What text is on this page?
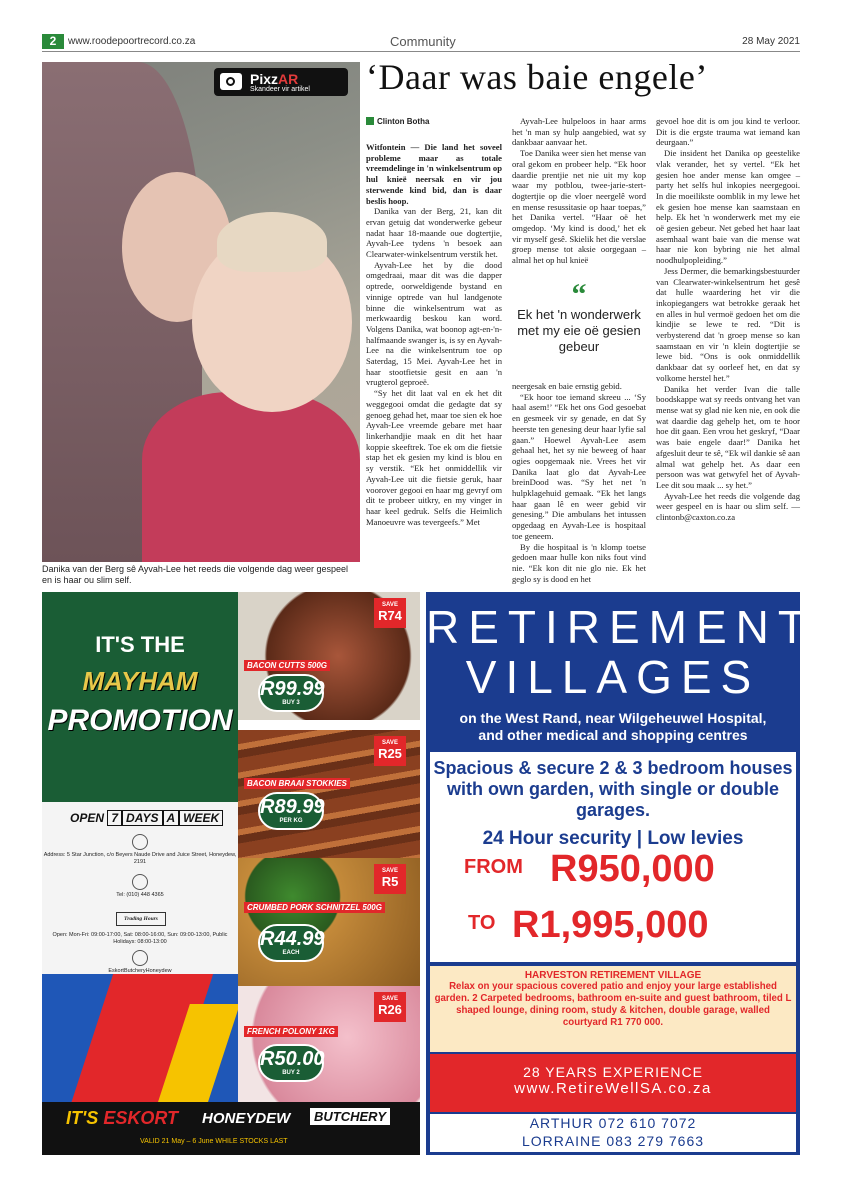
2	www.roodepoortrecord.co.za	Community	28 May 2021
PixzAR
Skandeer vir artikel
Danika van der Berg sê Ayvah-Lee het reeds die volgende dag weer gespeel en is haar ou slim self.
‘Daar was baie engele’
Clinton Botha

Witfontein — Die land het soveel probleme maar as totale vreemdelinge in 'n winkelsentrum op hul knieë neersak en vir jou sterwende kind bid, dan is daar beslis hoop.

Danika van der Berg, 21, kan dit ervan getuig dat wonderwerke gebeur nadat haar 18-maande oue dogtertjie, Ayvah-Lee tydens 'n besoek aan Clearwater-winkelsentrum verstik het.

Ayvah-Lee het by die dood omgedraai, maar dit was die dapper optrede, oorweldigende bystand en vinnige optrede van hul landgenote binne die winkelsentrum wat as merkwaardig beskou kan word. Volgens Danika, wat boonop agt-en-'n-halfmaande swanger is, is sy en Ayvah-Lee na die winkelsentrum toe op Saterdag, 15 Mei. Ayvah-Lee het in haar stootfietsie gesit en aan 'n vrugterol geproeë.

“Sy het dit laat val en ek het dit weggegooi omdat die gedagte dat sy genoeg gehad het, maar toe sien ek hoe Ayvah-Lee vreemde gebare met haar linkerhandjie maak en dit het haar koppie skeeftrek. Toe ek om die fietsie stap het ek gesien my kind is blou en sy verstik. “Ek het onmiddellik vir Ayvah-Lee uit die fietsie geruk, haar voorover gegooi en haar mg gevryf om dit te probeer uitkry, en my vinger in haar keel gedruk. Selfs die Heimlich Manoeuvre was tevergeefs.” Met

Ayvah-Lee hulpeloos in haar arms het 'n man sy hulp aangebied, wat sy dankbaar aanvaar het.

Toe Danika weer sien het mense van oral gekom en probeer help. “Ek hoor daardie prentjie net nie uit my kop waar my potblou, twee-jarie-stert-dogtertjie op die vloer neergelê word en mense resussitasie op haar toepas,” het Danika vertel. “Haar oë het omgedop. ‘My kind is dood,’ het ek vir myself gesê. Skielik het die verslae groep mense tot aksie oorgegaan – almal het op hul knieë

“
Ek het 'n wonderwerk met my eie oë gesien gebeur

neergesak en baie ernstig gebid.

“Ek hoor toe iemand skreeu ... ‘Sy haal asem!’ “Ek het ons God gesoebat en gesmeek vir sy genade, en dat Sy heerste ten genesing deur haar lyfie sal gaan.” Hoewel Ayvah-Lee asem gehaal het, het sy nie beweeg of haar ogies oopgemaak nie. Vrees het vir Danika laat glo dat Ayvah-Lee breinDood was. “Sy het net 'n hulpklagehuid gemaak. “Ek het langs haar gaan lê en weer gebid vir genesing.” Die ambulans het intussen opgedaag en Ayvah-Lee is hospitaal toe geneem.

By die hospitaal is 'n klomp toetse gedoen maar hulle kon niks fout vind nie. “Ek kon dit nie glo nie. Ek het geglo sy is dood en het

gevoel hoe dit is om jou kind te verloor. Dit is die ergste trauma wat iemand kan deurgaan.”

Die insident het Danika op geestelike vlak verander, het sy vertel. “Ek het gesien hoe ander mense kan omgee – party het selfs hul inkopies neergegooi. In die moeilikste oomblik in my lewe het ek gesien hoe mense kan saamstaan en help. Ek het 'n wonderwerk met my eie oë gesien gebeur. Net gebed het haar laat asemhaal want baie van die mense wat haar nie kon bybring nie het almal noodhulpopleiding.”

Jess Dermer, die bemarkingsbestuurder van Clearwater-winkelsentrum het gesê dat hulle waardering het vir die inkopiegangers wat betrokke geraak het en alles in hul vermoë gedoen het om die kindjie se lewe te red. “Dit is verbysterend dat 'n groep mense so kan saamstaan en vir 'n klein dogtertjie se lewe bid. “Ons is ook onmiddellik dankbaar dat sy oorleef het, en dat sy volkome herstel het.”

Danika het verder Ivan die talle boodskappe wat sy reeds ontvang het van mense wat sy glad nie ken nie, en ook die wat daardie dag gehelp het, om te hoor hoe dit gaan. Een vrou het geskryf, “Daar was baie engele daar!” Danika het afgesluit deur te sê, “Ek wil dankie sê aan almal wat gehelp het. As daar een persoon was wat getwyfel het of Ayvah-Lee dit sou maak ... sy het.”

Ayvah-Lee het reeds die volgende dag weer gespeel en is haar ou slim self. — clintonb@caxton.co.za

IT'S THE
MAYHAM
PROMOTION
OPEN 7 DAYS A WEEK
Address: 5 Star Junction, c/o Beyers Naude Drive and Juice Street, Honeydew, 2191
Tel: (010) 448 4365
Trading Hours
Open: Mon-Fri: 09:00-17:00, Sat: 08:00-16:00, Sun: 09:00-13:00, Public Holidays: 08:00-13:00
EskortButcheryHoneydew
IT'S ESKORT HONEYDEW	BUTCHERY
VALID 21 May – 6 June WHILE STOCKS LAST
SAVE
R74
BACON CUTTS 500G
R99.99
BUY 3
SAVE
R25
BACON BRAAI STOKKIES
R89.99
PER KG
SAVE
R5
CRUMBED PORK SCHNITZEL 500G
R44.99
EACH
SAVE
R26
FRENCH POLONY 1KG
R50.00
BUY 2
RETIREMENT
VILLAGES
on the West Rand, near Wilgeheuwel Hospital,
and other medical and shopping centres
Spacious & secure 2 & 3 bedroom houses with own garden, with single or double garages.
24 Hour security | Low levies
FROM R950,000
TO R1,995,000
HARVESTON RETIREMENT VILLAGE
Relax on your spacious covered patio and enjoy your large established garden. 2 Carpeted bedrooms, bathroom en-suite and guest bathroom, tiled L shaped lounge, dining room, study & kitchen, double garage, walled courtyard R1 770 000.
28 YEARS EXPERIENCE
www.RetireWellSA.co.za
ARTHUR 072 610 7072
LORRAINE 083 279 7663
